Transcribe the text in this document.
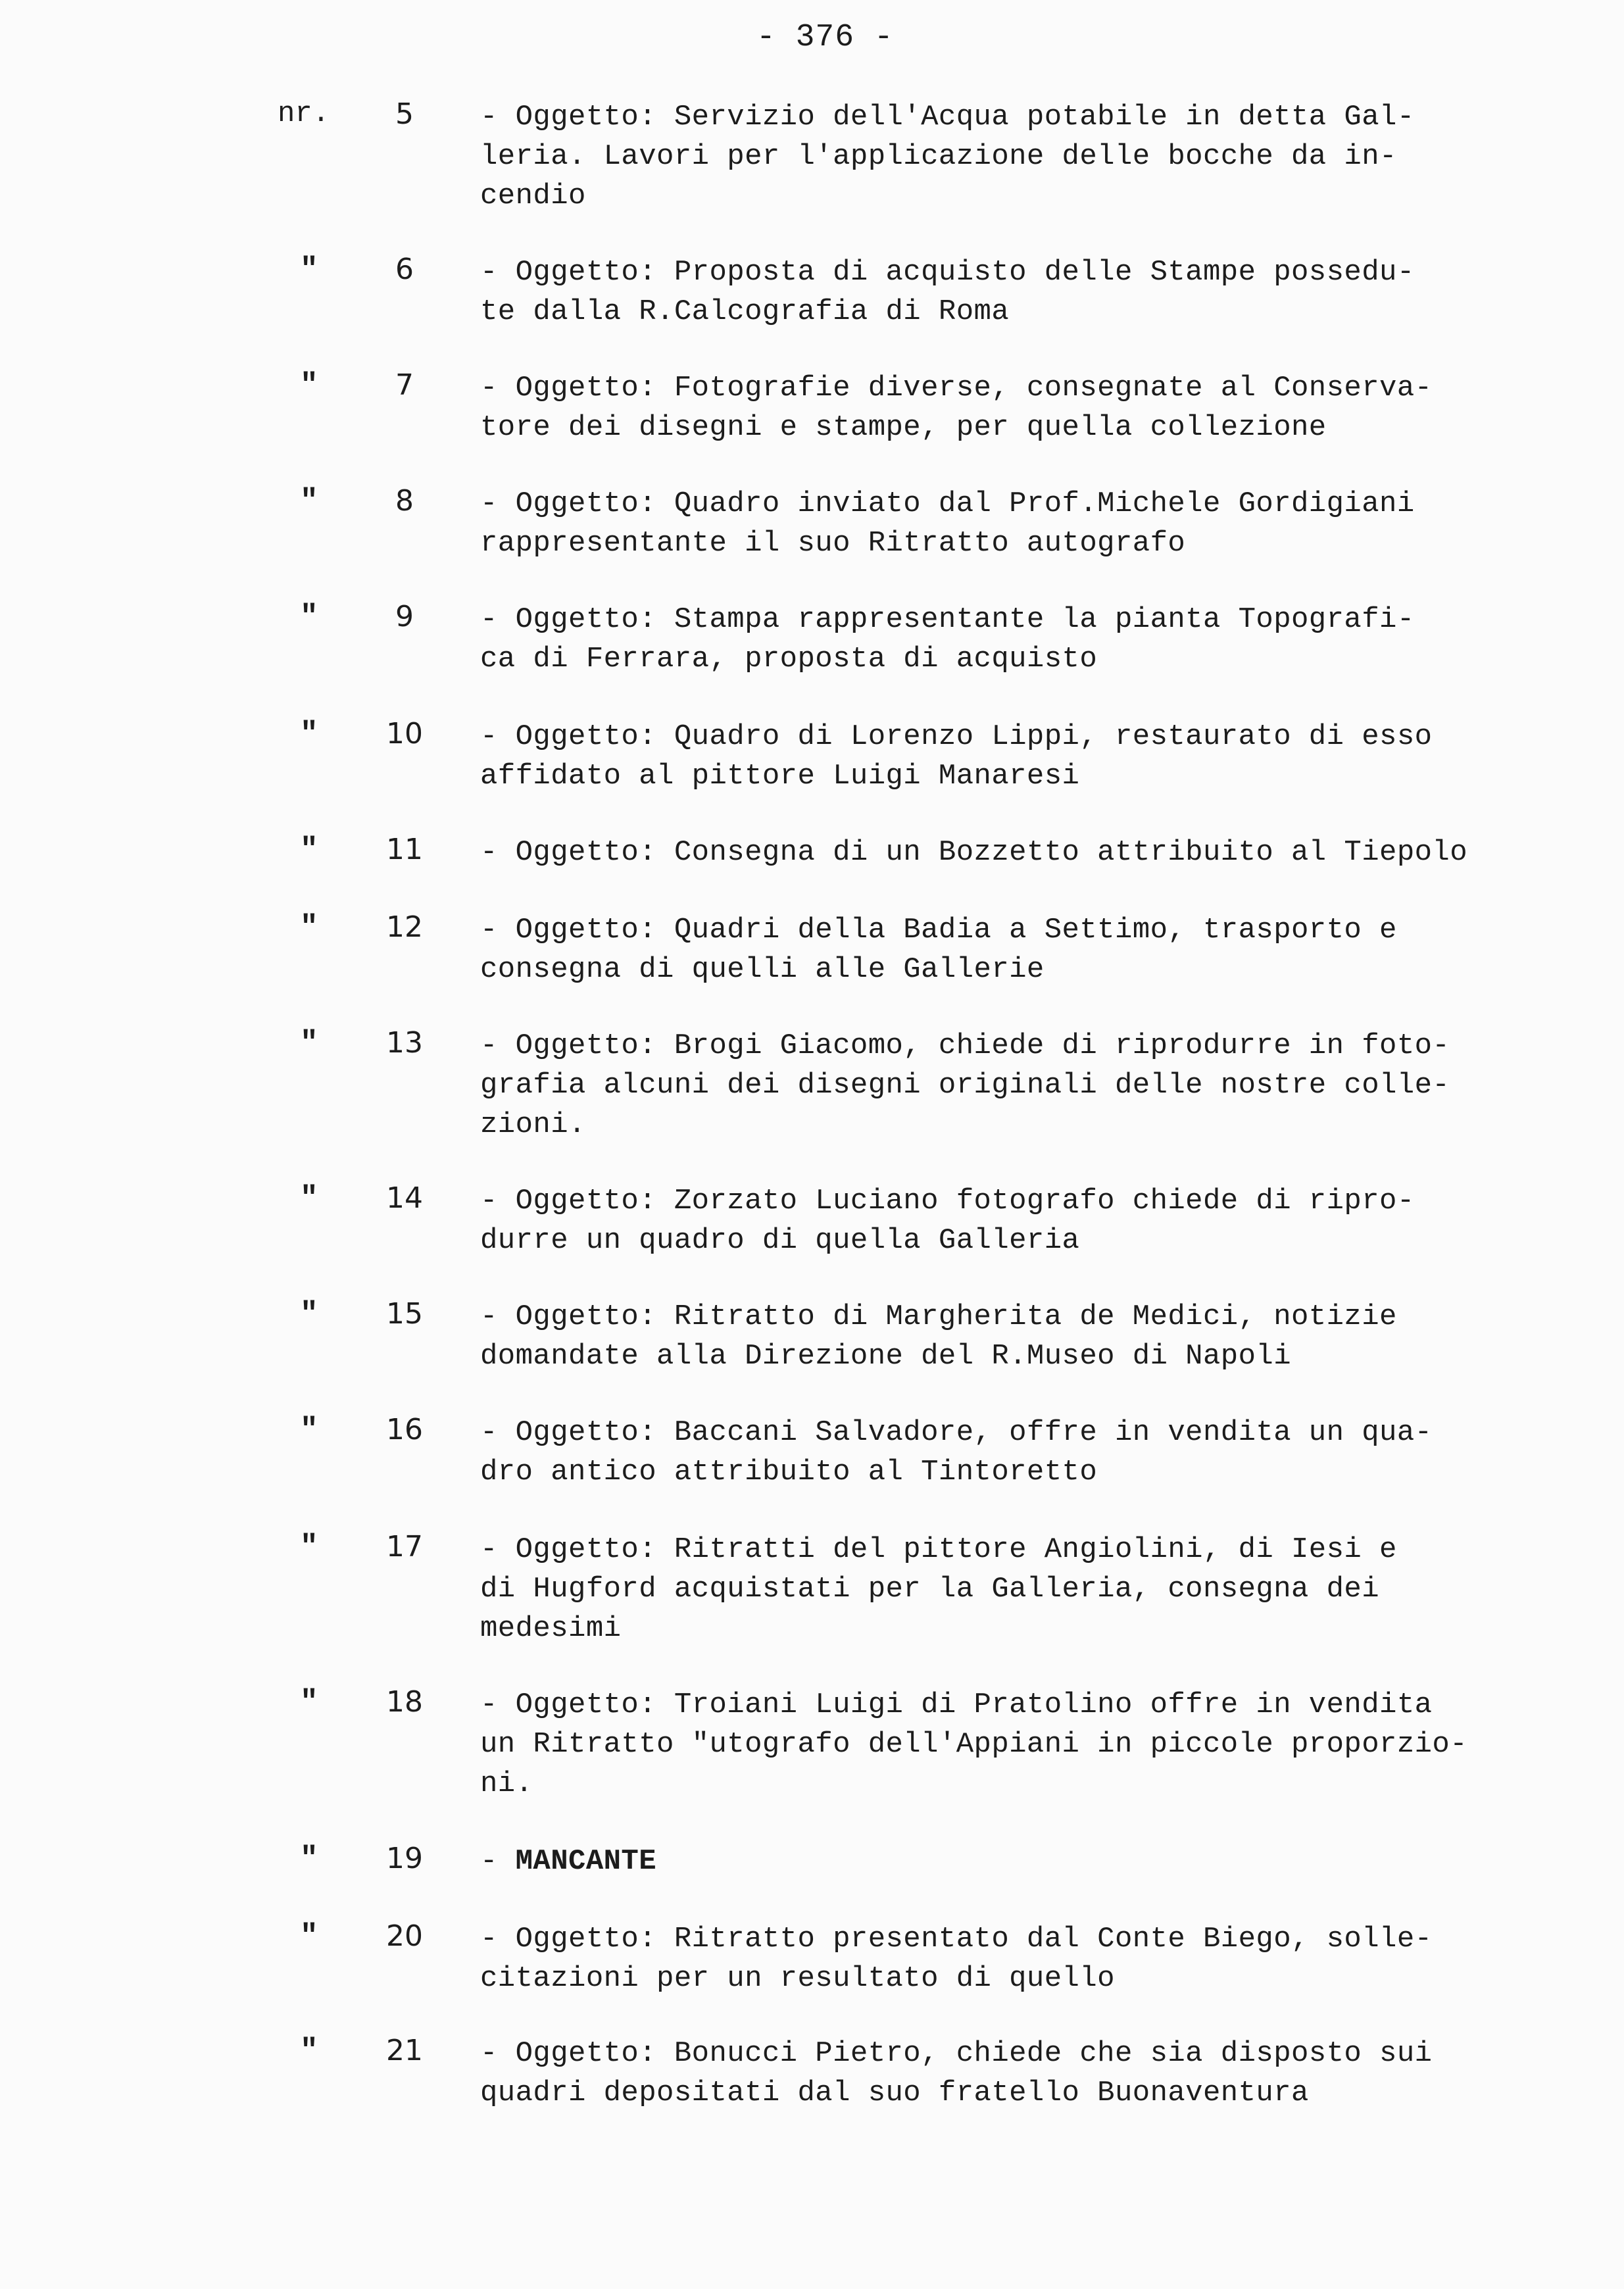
- 376 -
nr.	5	- Oggetto: Servizio dell'Acqua potabile in detta Gal-
leria. Lavori per l'applicazione delle bocche da in-
cendio
"	6	- Oggetto: Proposta di acquisto delle Stampe possedu-
te dalla R.Calcografia di Roma
"	7	- Oggetto: Fotografie diverse, consegnate al Conserva-
tore dei disegni e stampe, per quella collezione
"	8	- Oggetto: Quadro inviato dal Prof.Michele Gordigiani
rappresentante il suo Ritratto autografo
"	9	- Oggetto: Stampa rappresentante la pianta Topografi-
ca di Ferrara, proposta di acquisto
"	10	- Oggetto: Quadro di Lorenzo Lippi, restaurato di esso
affidato al pittore Luigi Manaresi
"	11	- Oggetto: Consegna di un Bozzetto attribuito al Tiepolo
"	12	- Oggetto: Quadri della Badia a Settimo, trasporto e
consegna di quelli alle Gallerie
"	13	- Oggetto: Brogi Giacomo, chiede di riprodurre in foto-
grafia alcuni dei disegni originali delle nostre colle-
zioni.
"	14	- Oggetto: Zorzato Luciano fotografo chiede di ripro-
durre un quadro di quella Galleria
"	15	- Oggetto: Ritratto di Margherita de Medici, notizie
domandate alla Direzione del R.Museo di Napoli
"	16	- Oggetto: Baccani Salvadore, offre in vendita un qua-
dro antico attribuito al Tintoretto
"	17	- Oggetto: Ritratti del pittore Angiolini, di Iesi e
di Hugford acquistati per la Galleria, consegna dei
medesimi
"	18	- Oggetto: Troiani Luigi di Pratolino offre in vendita
un Ritratto "utografo dell'Appiani in piccole proporzio-
ni.
"	19	- MANCANTE
"	20	- Oggetto: Ritratto presentato dal Conte Biego, solle-
citazioni per un resultato di quello
"	21	- Oggetto: Bonucci Pietro, chiede che sia disposto sui
quadri depositati dal suo fratello Buonaventura
